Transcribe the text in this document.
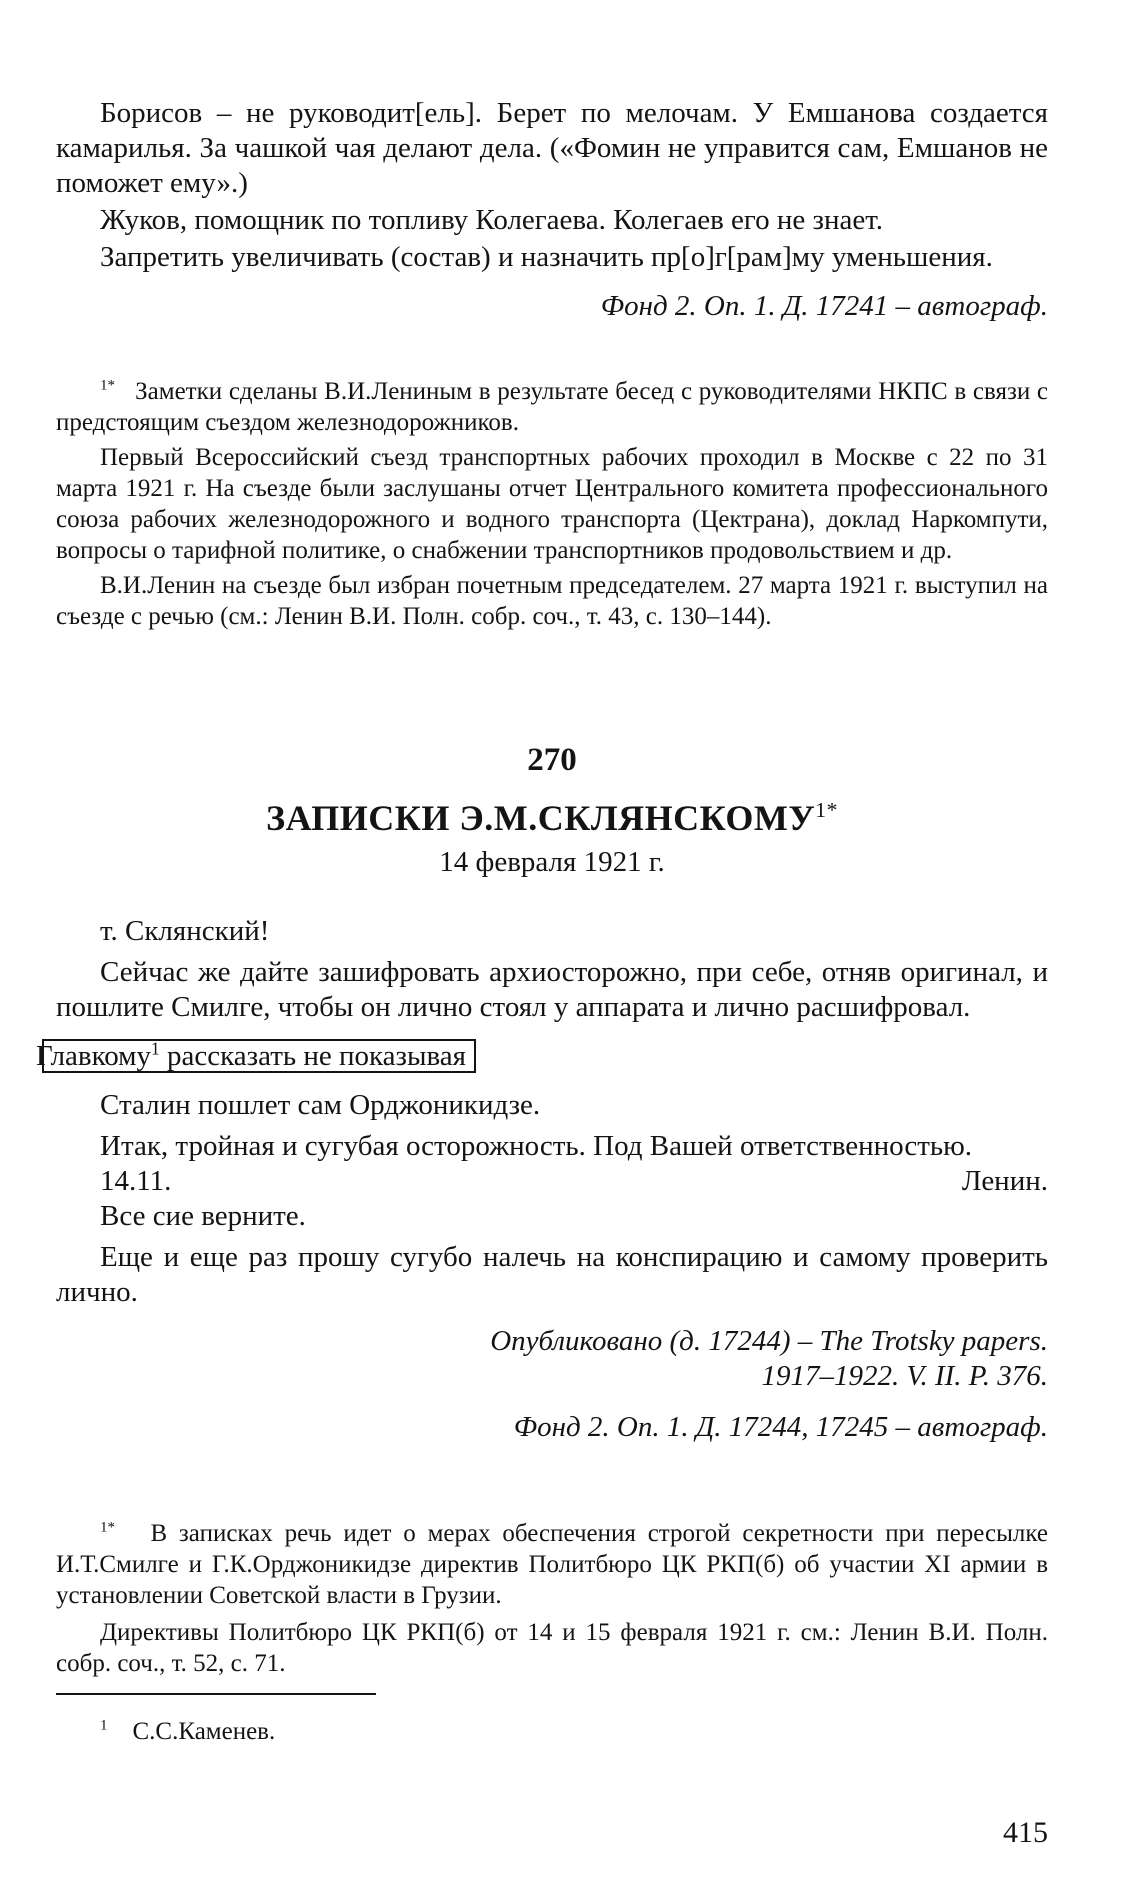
Борисов – не руководит[ель]. Берет по мелочам. У Емшанова создается камарилья. За чашкой чая делают дела. («Фомин не управится сам, Емшанов не поможет ему».)

Жуков, помощник по топливу Колегаева. Колегаев его не знает.

Запретить увеличивать (состав) и назначить пр[о]г[рам]му уменьшения.

Фонд 2. Оп. 1. Д. 17241 – автограф.

$^{1*}$ Заметки сделаны В.И.Лениным в результате бесед с руководителями НКПС в связи с предстоящим съездом железнодорожников.

Первый Всероссийский съезд транспортных рабочих проходил в Москве с 22 по 31 марта 1921 г. На съезде были заслушаны отчет Центрального комитета профессионального союза рабочих железнодорожного и водного транспорта (Цектрана), доклад Наркомпути, вопросы о тарифной политике, о снабжении транспортников продовольствием и др.

В.И.Ленин на съезде был избран почетным председателем. 27 марта 1921 г. выступил на съезде с речью (см.: Ленин В.И. Полн. собр. соч., т. 43, с. 130–144).

270

ЗАПИСКИ $Э.М.СКЛЯНСКОМУ^{1*}$

14 февраля 1921 г.

т. Склянский!

Сейчас же дайте зашифровать архиосторожно, при себе, отняв оригинал, и пошлите Смилге, чтобы он лично стоял у аппарата и лично расшифровал.

Главкому$^1$ рассказать не показывая

Сталин пошлет сам Орджоникидзе.

Итак, тройная и сугубая осторожность. Под Вашей ответственностью.

14.11.	Ленин.

Все сие верните.

Еще и еще раз прошу сугубо налечь на конспирацию и самому проверить лично.

Опубликовано (д. 17244) – The Trotsky papers.

1917–1922. V. II. P. 376.

Фонд 2. Оп. 1. Д. 17244, 17245 – автограф.

$^{1*}$ В записках речь идет о мерах обеспечения строгой секретности при пересылке И.Т.Смилге и Г.К.Орджоникидзе директив Политбюро ЦК РКП(б) об участии XI армии в установлении Советской власти в Грузии.

Директивы Политбюро ЦК РКП(б) от 14 и 15 февраля 1921 г. см.: Ленин В.И. Полн. собр. соч., т. 52, с. 71.

$^1$ С.С.Каменев.

415
